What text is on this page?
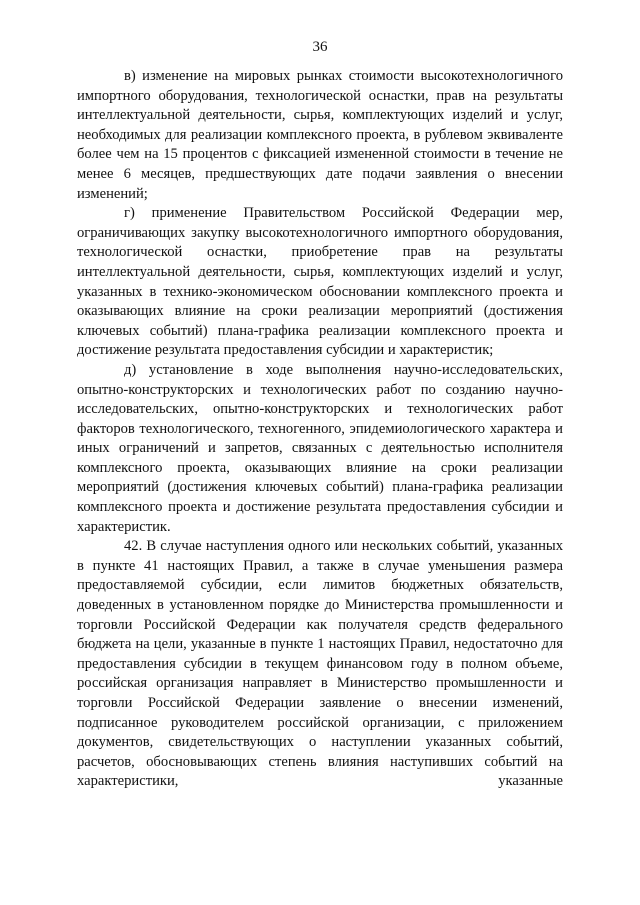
36

в) изменение на мировых рынках стоимости высокотехнологичного импортного оборудования, технологической оснастки, прав на результаты интеллектуальной деятельности, сырья, комплектующих изделий и услуг, необходимых для реализации комплексного проекта, в рублевом эквиваленте более чем на 15 процентов с фиксацией измененной стоимости в течение не менее 6 месяцев, предшествующих дате подачи заявления о внесении изменений;

г) применение Правительством Российской Федерации мер, ограничивающих закупку высокотехнологичного импортного оборудования, технологической оснастки, приобретение прав на результаты интеллектуальной деятельности, сырья, комплектующих изделий и услуг, указанных в технико-экономическом обосновании комплексного проекта и оказывающих влияние на сроки реализации мероприятий (достижения ключевых событий) плана-графика реализации комплексного проекта и достижение результата предоставления субсидии и характеристик;

д) установление в ходе выполнения научно-исследовательских, опытно-конструкторских и технологических работ по созданию научно-исследовательских, опытно-конструкторских и технологических работ факторов технологического, техногенного, эпидемиологического характера и иных ограничений и запретов, связанных с деятельностью исполнителя комплексного проекта, оказывающих влияние на сроки реализации мероприятий (достижения ключевых событий) плана-графика реализации комплексного проекта и достижение результата предоставления субсидии и характеристик.

42. В случае наступления одного или нескольких событий, указанных в пункте 41 настоящих Правил, а также в случае уменьшения размера предоставляемой субсидии, если лимитов бюджетных обязательств, доведенных в установленном порядке до Министерства промышленности и торговли Российской Федерации как получателя средств федерального бюджета на цели, указанные в пункте 1 настоящих Правил, недостаточно для предоставления субсидии в текущем финансовом году в полном объеме, российская организация направляет в Министерство промышленности и торговли Российской Федерации заявление о внесении изменений, подписанное руководителем российской организации, с приложением документов, свидетельствующих о наступлении указанных событий, расчетов, обосновывающих степень влияния наступивших событий на характеристики, указанные
